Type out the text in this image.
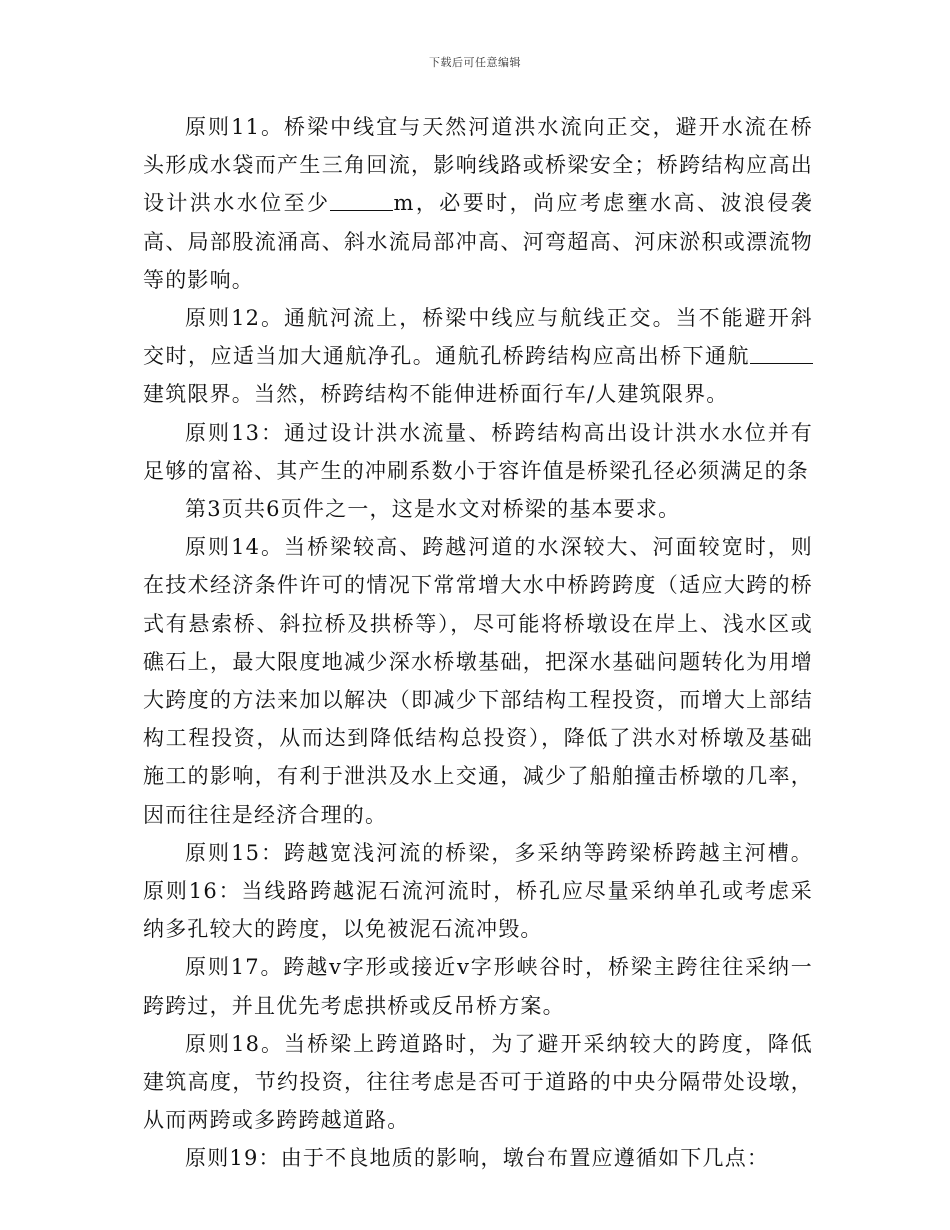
下载后可任意编辑

原则11。桥梁中线宜与天然河道洪水流向正交，避开水流在桥头形成水袋而产生三角回流，影响线路或桥梁安全；桥跨结构应高出设计洪水水位至少	m，必要时，尚应考虑壅水高、波浪侵袭高、局部股流涌高、斜水流局部冲高、河弯超高、河床淤积或漂流物等的影响。

原则12。通航河流上，桥梁中线应与航线正交。当不能避开斜交时，应适当加大通航净孔。通航孔桥跨结构应高出桥下通航建筑限界。当然，桥跨结构不能伸进桥面行车/人建筑限界。

原则13：通过设计洪水流量、桥跨结构高出设计洪水水位并有足够的富裕、其产生的冲刷系数小于容许值是桥梁孔径必须满足的条

第3页共6页件之一，这是水文对桥梁的基本要求。

原则14。当桥梁较高、跨越河道的水深较大、河面较宽时，则在技术经济条件许可的情况下常常增大水中桥跨跨度（适应大跨的桥式有悬索桥、斜拉桥及拱桥等），尽可能将桥墩设在岸上、浅水区或礁石上，最大限度地减少深水桥墩基础，把深水基础问题转化为用增大跨度的方法来加以解决（即减少下部结构工程投资，而增大上部结构工程投资，从而达到降低结构总投资），降低了洪水对桥墩及基础施工的影响，有利于泄洪及水上交通，减少了船舶撞击桥墩的几率，因而往往是经济合理的。

原则15：跨越宽浅河流的桥梁，多采纳等跨梁桥跨越主河槽。原则16：当线路跨越泥石流河流时，桥孔应尽量采纳单孔或考虑采纳多孔较大的跨度，以免被泥石流冲毁。

原则17。跨越v字形或接近v字形峡谷时，桥梁主跨往往采纳一跨跨过，并且优先考虑拱桥或反吊桥方案。

原则18。当桥梁上跨道路时，为了避开采纳较大的跨度，降低建筑高度，节约投资，往往考虑是否可于道路的中央分隔带处设墩，从而两跨或多跨跨越道路。

原则19：由于不良地质的影响，墩台布置应遵循如下几点：
